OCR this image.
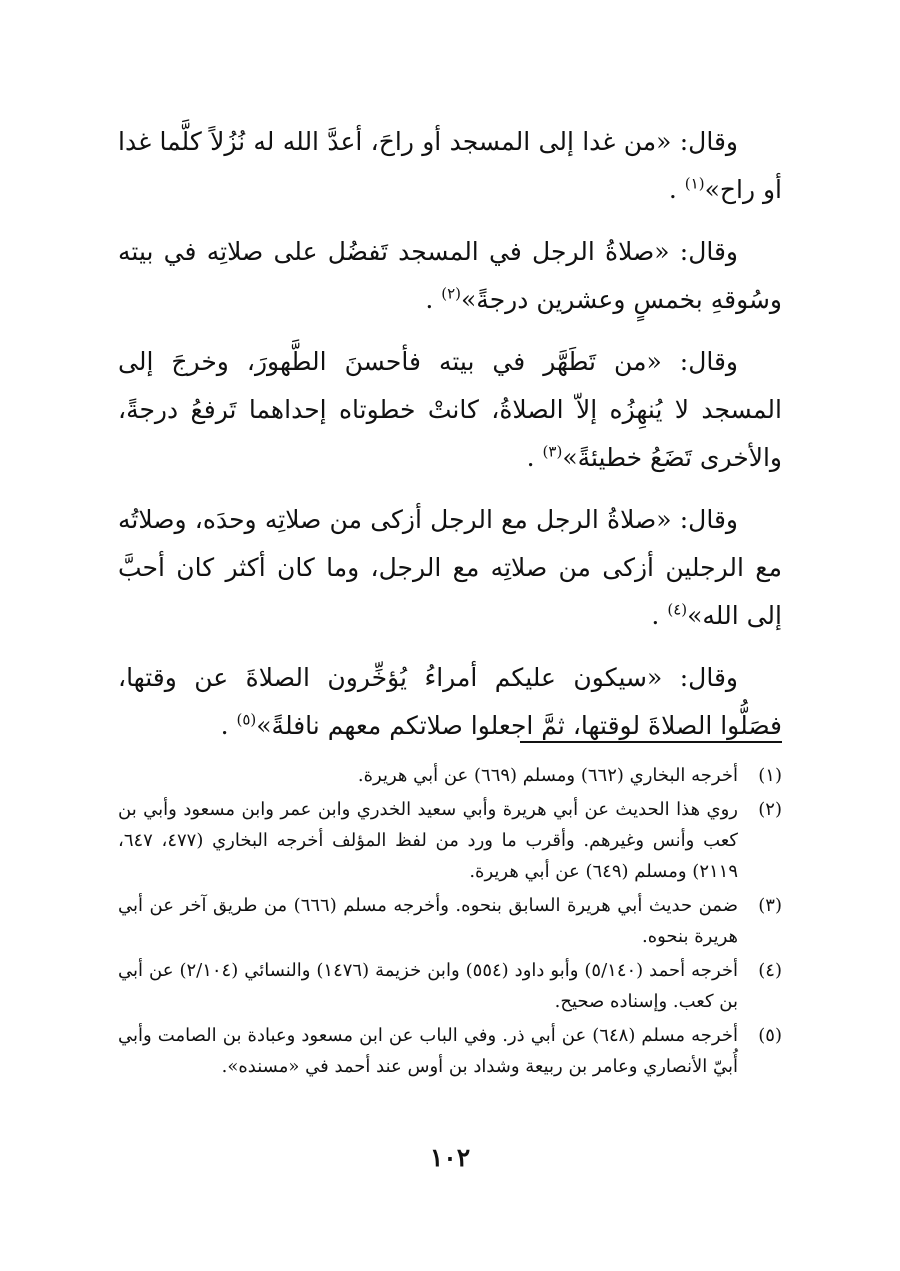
وقال: «من غدا إلى المسجد أو راحَ، أعدَّ الله له نُزُلاً كلَّما غدا أو راح»$^{(١)}$ .

وقال: «صلاةُ الرجل في المسجد تَفضُل على صلاتِه في بيته وسُوقهِ بخمسٍ وعشرين درجةً»$^{(٢)}$ .

وقال: «من تَطَهَّر في بيته فأحسنَ الطَّهورَ، وخرجَ إلى المسجد لا يُنهِزُه إلاّ الصلاةُ، كانتْ خطوتاه إحداهما تَرفعُ درجةً، والأخرى تَضَعُ خطيئةً»$^{(٣)}$ .

وقال: «صلاةُ الرجل مع الرجل أزكى من صلاتِه وحدَه، وصلاتُه مع الرجلين أزكى من صلاتِه مع الرجل، وما كان أكثر كان أحبَّ إلى الله»$^{(٤)}$ .

وقال: «سيكون عليكم أمراءُ يُؤخِّرون الصلاةَ عن وقتها، فصَلُّوا الصلاةَ لوقتها، ثمَّ اجعلوا صلاتكم معهم نافلةً»$^{(٥)}$ .

(١)
أخرجه البخاري (٦٦٢) ومسلم (٦٦٩) عن أبي هريرة.
(٢)
روي هذا الحديث عن أبي هريرة وأبي سعيد الخدري وابن عمر وابن مسعود وأبي بن كعب وأنس وغيرهم. وأقرب ما ورد من لفظ المؤلف أخرجه البخاري (٤٧٧، ٦٤٧، ٢١١٩) ومسلم (٦٤٩) عن أبي هريرة.
(٣)
ضمن حديث أبي هريرة السابق بنحوه. وأخرجه مسلم (٦٦٦) من طريق آخر عن أبي هريرة بنحوه.
(٤)
أخرجه أحمد (٥/١٤٠) وأبو داود (٥٥٤) وابن خزيمة (١٤٧٦) والنسائي (٢/١٠٤) عن أبي بن كعب. وإسناده صحيح.
(٥)
أخرجه مسلم (٦٤٨) عن أبي ذر. وفي الباب عن ابن مسعود وعبادة بن الصامت وأبي أُبيّ الأنصاري وعامر بن ربيعة وشداد بن أوس عند أحمد في «مسنده».
١٠٢
